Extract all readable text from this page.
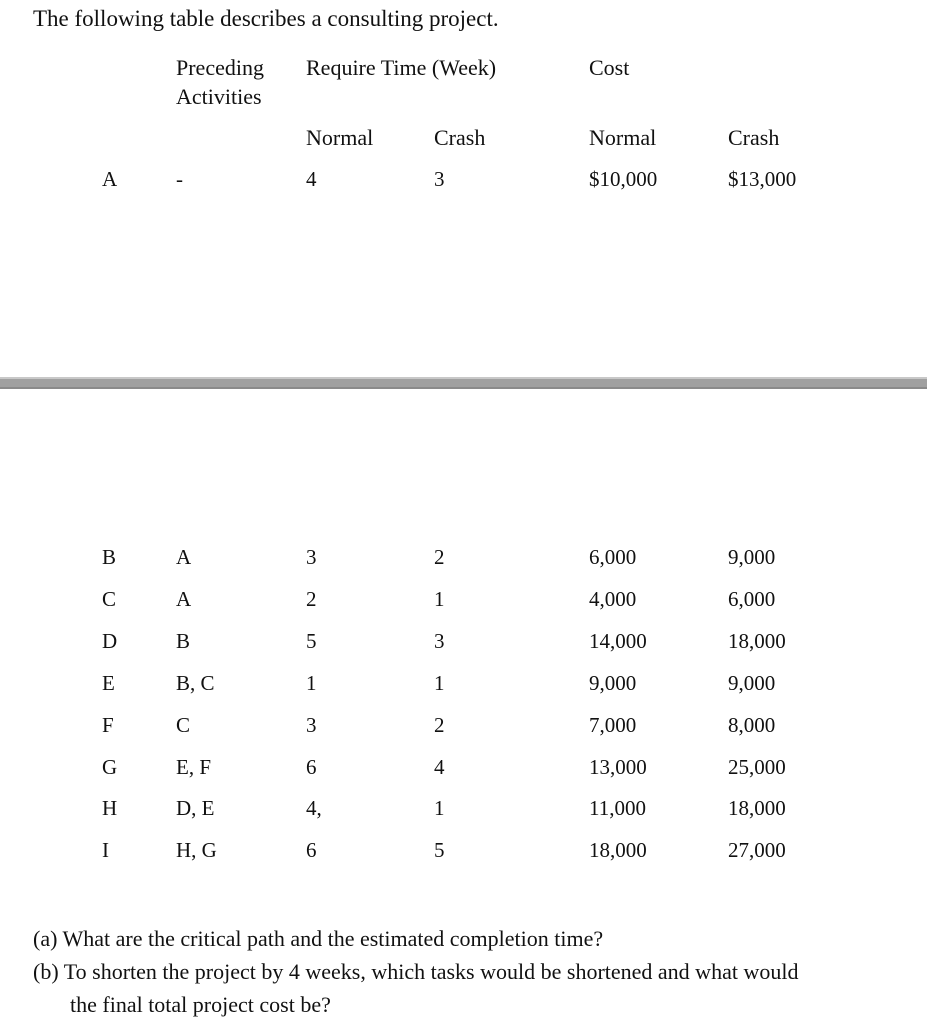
The following table describes a consulting project.
Preceding
Activities
Require Time (Week)	Cost
Normal	Crash	Normal	Crash
A	-	4	3	$10,000	$13,000
B	A	3	2	6,000	9,000
C	A	2	1	4,000	6,000
D	B	5	3	14,000	18,000
E	B, C	1	1	9,000	9,000
F	C	3	2	7,000	8,000
G	E, F	6	4	13,000	25,000
H	D, E	4,	1	11,000	18,000
I	H, G	6	5	18,000	27,000
(a) What are the critical path and the estimated completion time?
(b) To shorten the project by 4 weeks, which tasks would be shortened and what would
the final total project cost be?
